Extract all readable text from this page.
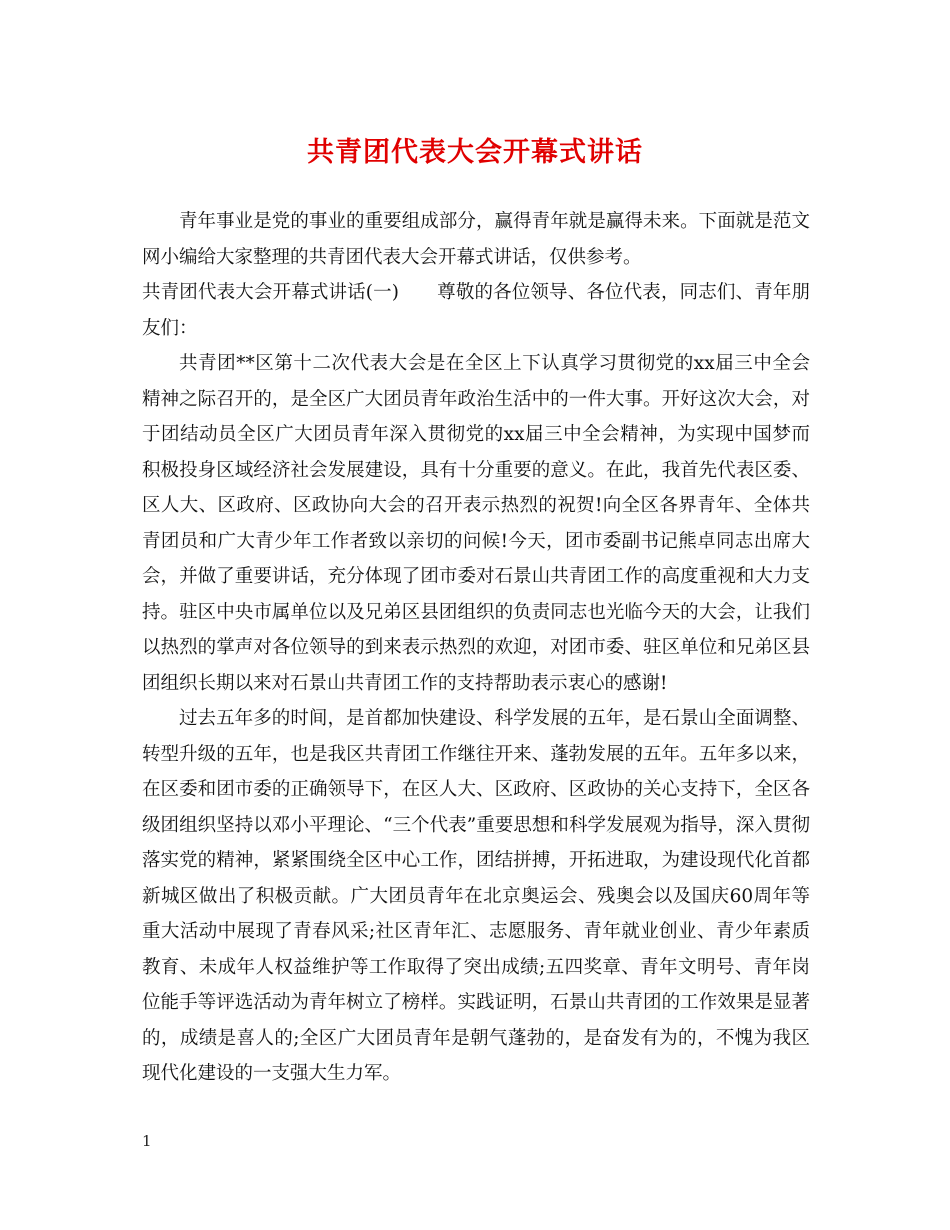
共青团代表大会开幕式讲话

青年事业是党的事业的重要组成部分，赢得青年就是赢得未来。下面就是范文网小编给大家整理的共青团代表大会开幕式讲话，仅供参考。

共青团代表大会开幕式讲话(一) 尊敬的各位领导、各位代表，同志们、青年朋友们：

共青团**区第十二次代表大会是在全区上下认真学习贯彻党的xx届三中全会精神之际召开的，是全区广大团员青年政治生活中的一件大事。开好这次大会，对于团结动员全区广大团员青年深入贯彻党的xx届三中全会精神，为实现中国梦而积极投身区域经济社会发展建设，具有十分重要的意义。在此，我首先代表区委、区人大、区政府、区政协向大会的召开表示热烈的祝贺!向全区各界青年、全体共青团员和广大青少年工作者致以亲切的问候!今天，团市委副书记熊卓同志出席大会，并做了重要讲话，充分体现了团市委对石景山共青团工作的高度重视和大力支持。驻区中央市属单位以及兄弟区县团组织的负责同志也光临今天的大会，让我们以热烈的掌声对各位领导的到来表示热烈的欢迎，对团市委、驻区单位和兄弟区县团组织长期以来对石景山共青团工作的支持帮助表示衷心的感谢!

过去五年多的时间，是首都加快建设、科学发展的五年，是石景山全面调整、转型升级的五年，也是我区共青团工作继往开来、蓬勃发展的五年。五年多以来，在区委和团市委的正确领导下，在区人大、区政府、区政协的关心支持下，全区各级团组织坚持以邓小平理论、“三个代表”重要思想和科学发展观为指导，深入贯彻落实党的精神，紧紧围绕全区中心工作，团结拼搏，开拓进取，为建设现代化首都新城区做出了积极贡献。广大团员青年在北京奥运会、残奥会以及国庆60周年等重大活动中展现了青春风采;社区青年汇、志愿服务、青年就业创业、青少年素质教育、未成年人权益维护等工作取得了突出成绩;五四奖章、青年文明号、青年岗位能手等评选活动为青年树立了榜样。实践证明，石景山共青团的工作效果是显著的，成绩是喜人的;全区广大团员青年是朝气蓬勃的，是奋发有为的，不愧为我区现代化建设的一支强大生力军。

1
